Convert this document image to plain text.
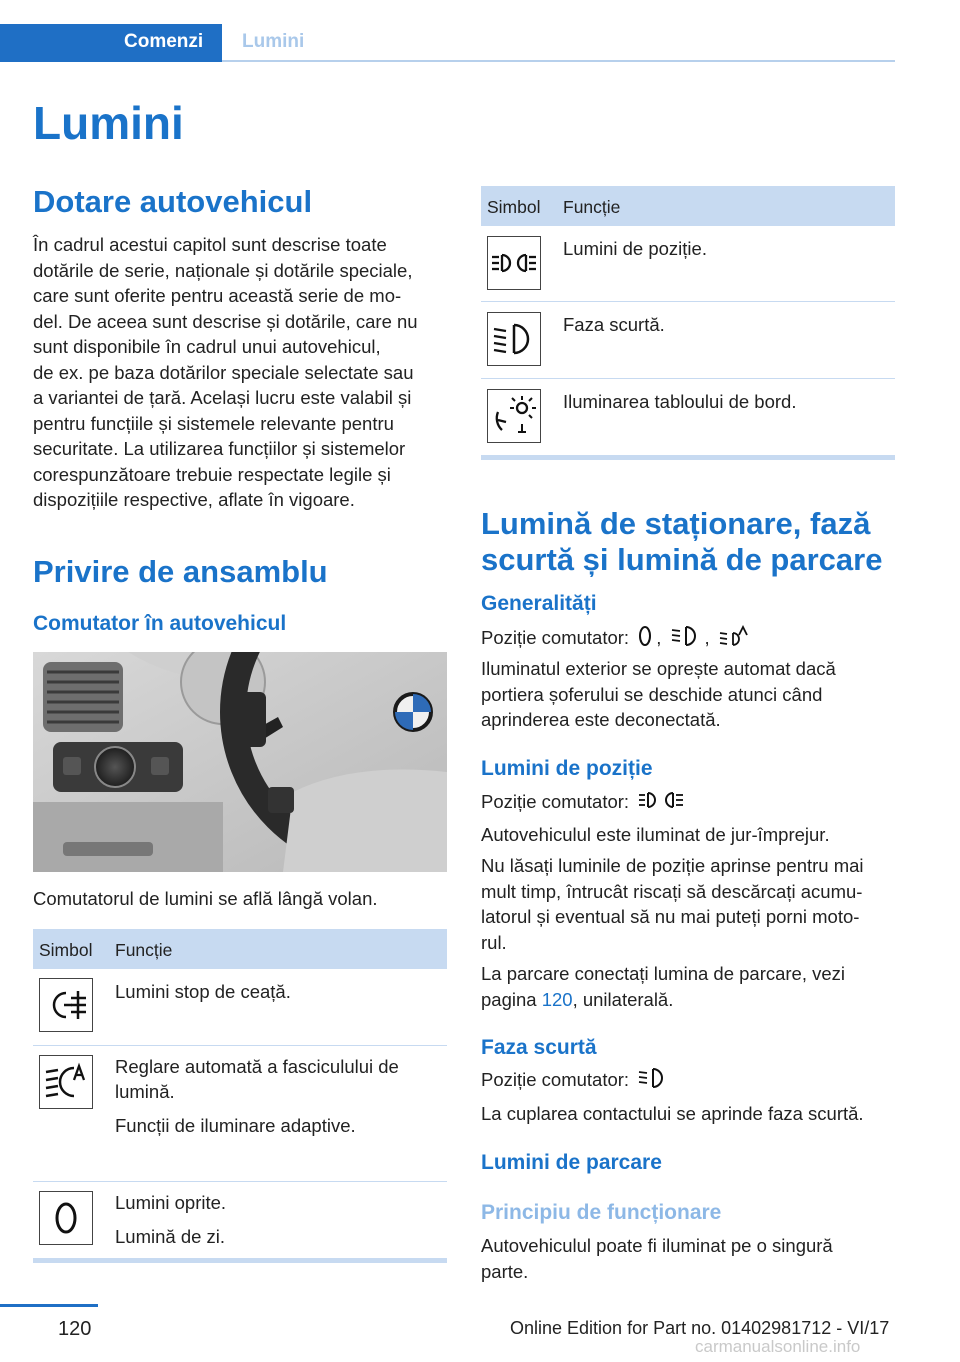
Comenzi	Lumini
Lumini
Dotare autovehicul
În cadrul acestui capitol sunt descrise toate
dotările de serie, naționale și dotările speciale,
care sunt oferite pentru această serie de mo‐
del. De aceea sunt descrise și dotările, care nu
sunt disponibile în cadrul unui autovehicul,
de ex. pe baza dotărilor speciale selectate sau
a variantei de țară. Același lucru este valabil și
pentru funcțiile și sistemele relevante pentru
securitate. La utilizarea funcțiilor și sistemelor
corespunzătoare trebuie respectate legile și
dispozițiile respective, aflate în vigoare.
Privire de ansamblu
Comutator în autovehicul
Comutatorul de lumini se află lângă volan.
Simbol Funcție
Lumini stop de ceață.
Reglare automată a fasciculului de
lumină.
Funcții de iluminare adaptive.
Lumini oprite.
Lumină de zi.
Simbol Funcție
Lumini de poziție.
Faza scurtă.
Iluminarea tabloului de bord.
Lumină de staționare, fază
scurtă și lumină de parcare
Generalități
Poziție comutator: , ,
Iluminatul exterior se oprește automat dacă
portiera șoferului se deschide atunci când
aprinderea este deconectată.
Lumini de poziție
Poziție comutator:
Autovehiculul este iluminat de jur-împrejur.
Nu lăsați luminile de poziție aprinse pentru mai
mult timp, întrucât riscați să descărcați acumu‐
latorul și eventual să nu mai puteți porni moto‐
rul.
La parcare conectați lumina de parcare, vezi
pagina 120, unilaterală.
Faza scurtă
Poziție comutator:
La cuplarea contactului se aprinde faza scurtă.
Lumini de parcare
Principiu de funcționare
Autovehiculul poate fi iluminat pe o singură
parte.
120	Online Edition for Part no. 01402981712 - VI/17
carmanualsonline.info
